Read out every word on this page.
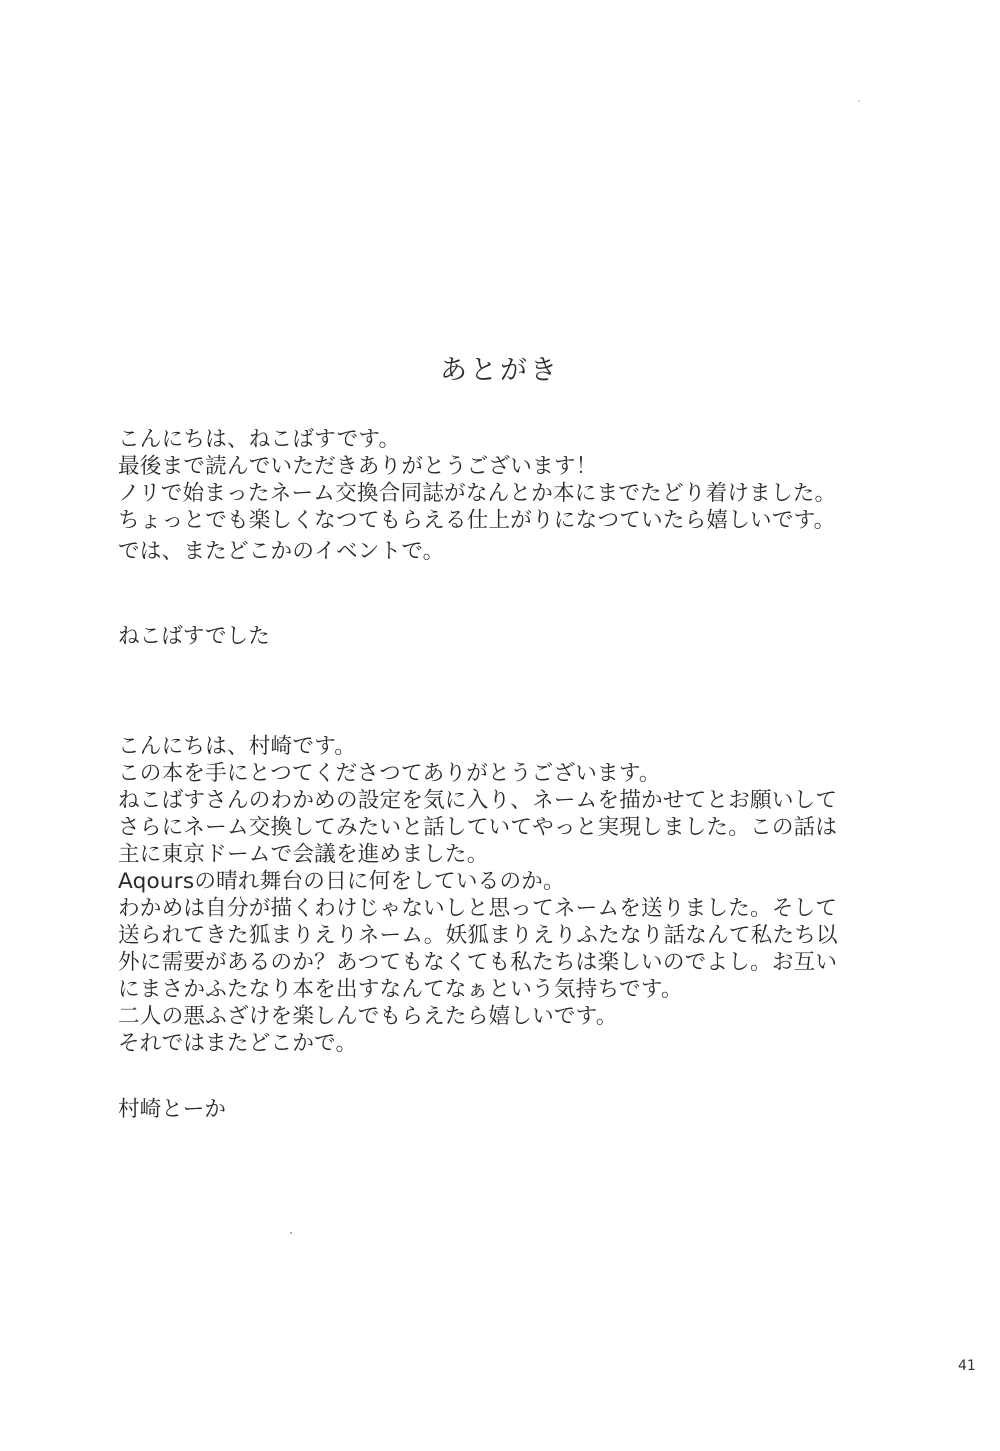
あとがき
こんにちは、ねこばすです。
最後まで読んでいただきありがとうございます！
ノリで始まったネーム交換合同誌がなんとか本にまでたどり着けました。
ちょっとでも楽しくなつてもらえる仕上がりになつていたら嬉しいです。
では、またどこかのイベントで。
ねこばすでした
こんにちは、村崎です。
この本を手にとつてくださつてありがとうございます。
ねこばすさんのわかめの設定を気に入り、ネームを描かせてとお願いして
さらにネーム交換してみたいと話していてやっと実現しました。この話は
主に東京ドームで会議を進めました。
Aqoursの晴れ舞台の日に何をしているのか。
わかめは自分が描くわけじゃないしと思ってネームを送りました。そして
送られてきた狐まりえりネーム。妖狐まりえりふたなり話なんて私たち以
外に需要があるのか？あつてもなくても私たちは楽しいのでよし。お互い
にまさかふたなり本を出すなんてなぁという気持ちです。
二人の悪ふざけを楽しんでもらえたら嬉しいです。
それではまたどこかで。
村崎とーか
41
